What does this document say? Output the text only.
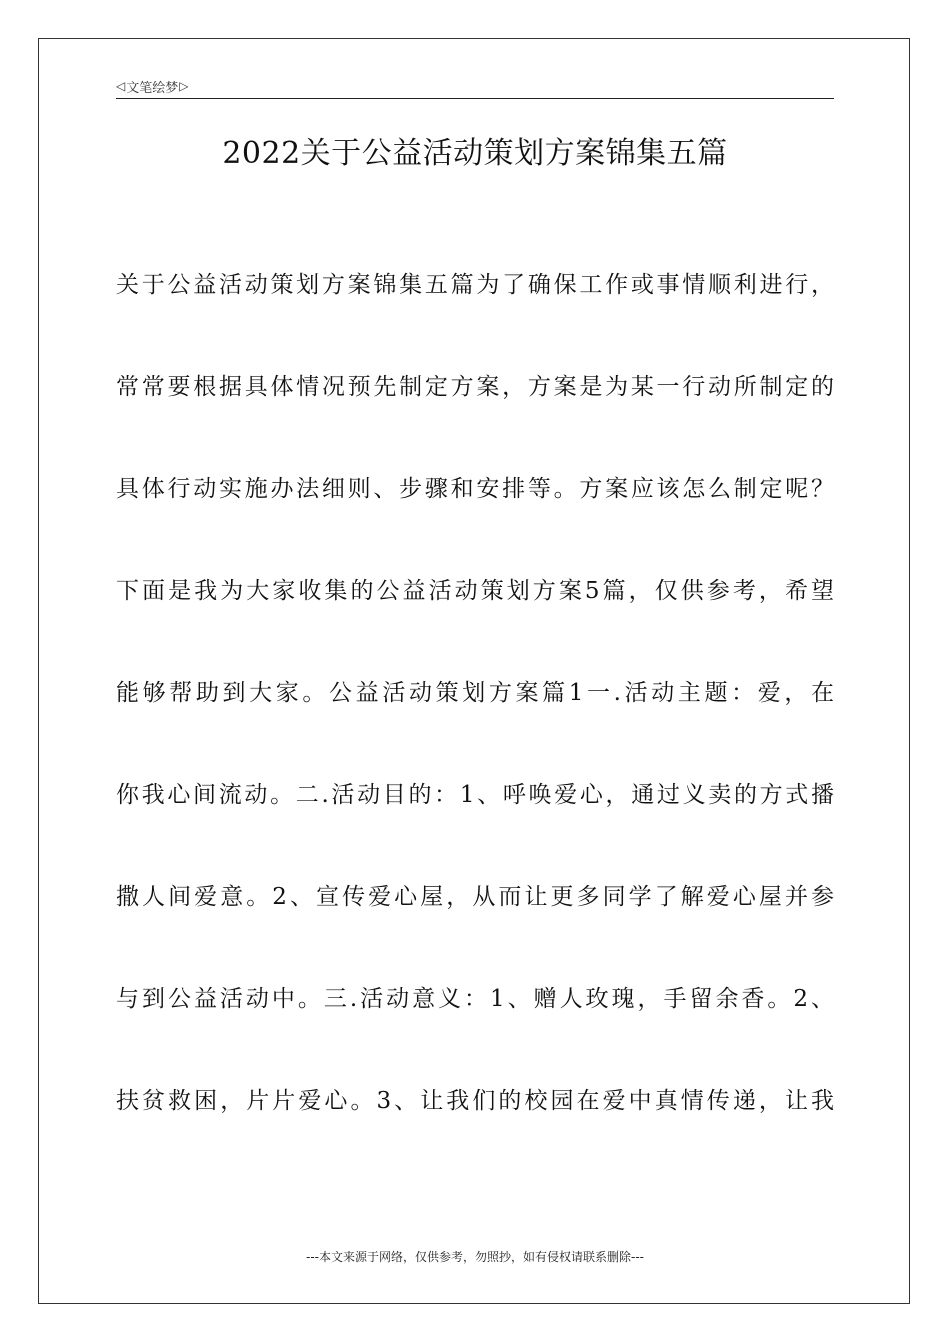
◁ 文笔绘梦 ▷
2022关于公益活动策划方案锦集五篇
关于公益活动策划方案锦集五篇为了确保工作或事情顺利进行，
常常要根据具体情况预先制定方案，方案是为某一行动所制定的
具体行动实施办法细则、步骤和安排等。方案应该怎么制定呢？
下面是我为大家收集的公益活动策划方案5篇，仅供参考，希望
能够帮助到大家。公益活动策划方案篇1一.活动主题：爱，在
你我心间流动。二.活动目的：1、呼唤爱心，通过义卖的方式播
撒人间爱意。2、宣传爱心屋，从而让更多同学了解爱心屋并参
与到公益活动中。三.活动意义：1、赠人玫瑰，手留余香。2、
扶贫救困，片片爱心。3、让我们的校园在爱中真情传递，让我
---本文来源于网络，仅供参考，勿照抄，如有侵权请联系删除---
